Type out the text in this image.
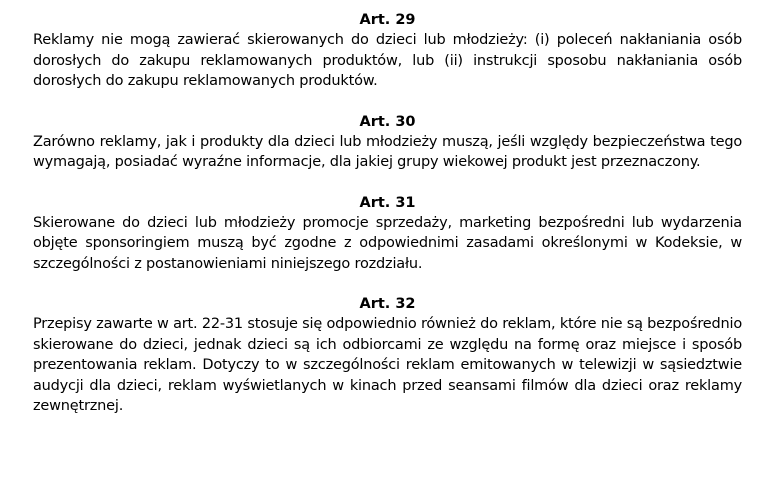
Art. 29

Reklamy nie mogą zawierać skierowanych do dzieci lub młodzieży: (i) poleceń nakłaniania osób dorosłych do zakupu reklamowanych produktów, lub (ii) instrukcji sposobu nakłaniania osób dorosłych do zakupu reklamowanych produktów.

Art. 30

Zarówno reklamy, jak i produkty dla dzieci lub młodzieży muszą, jeśli względy bezpieczeństwa tego wymagają, posiadać wyraźne informacje, dla jakiej grupy wiekowej produkt jest przeznaczony.

Art. 31

Skierowane do dzieci lub młodzieży promocje sprzedaży, marketing bezpośredni lub wydarzenia objęte sponsoringiem muszą być zgodne z odpowiednimi zasadami określonymi w Kodeksie, w szczególności z postanowieniami niniejszego rozdziału.

Art. 32

Przepisy zawarte w art. 22-31 stosuje się odpowiednio również do reklam, które nie są bezpośrednio skierowane do dzieci, jednak dzieci są ich odbiorcami ze względu na formę oraz miejsce i sposób prezentowania reklam. Dotyczy to w szczególności reklam emitowanych w telewizji w sąsiedztwie audycji dla dzieci, reklam wyświetlanych w kinach przed seansami filmów dla dzieci oraz reklamy zewnętrznej.
